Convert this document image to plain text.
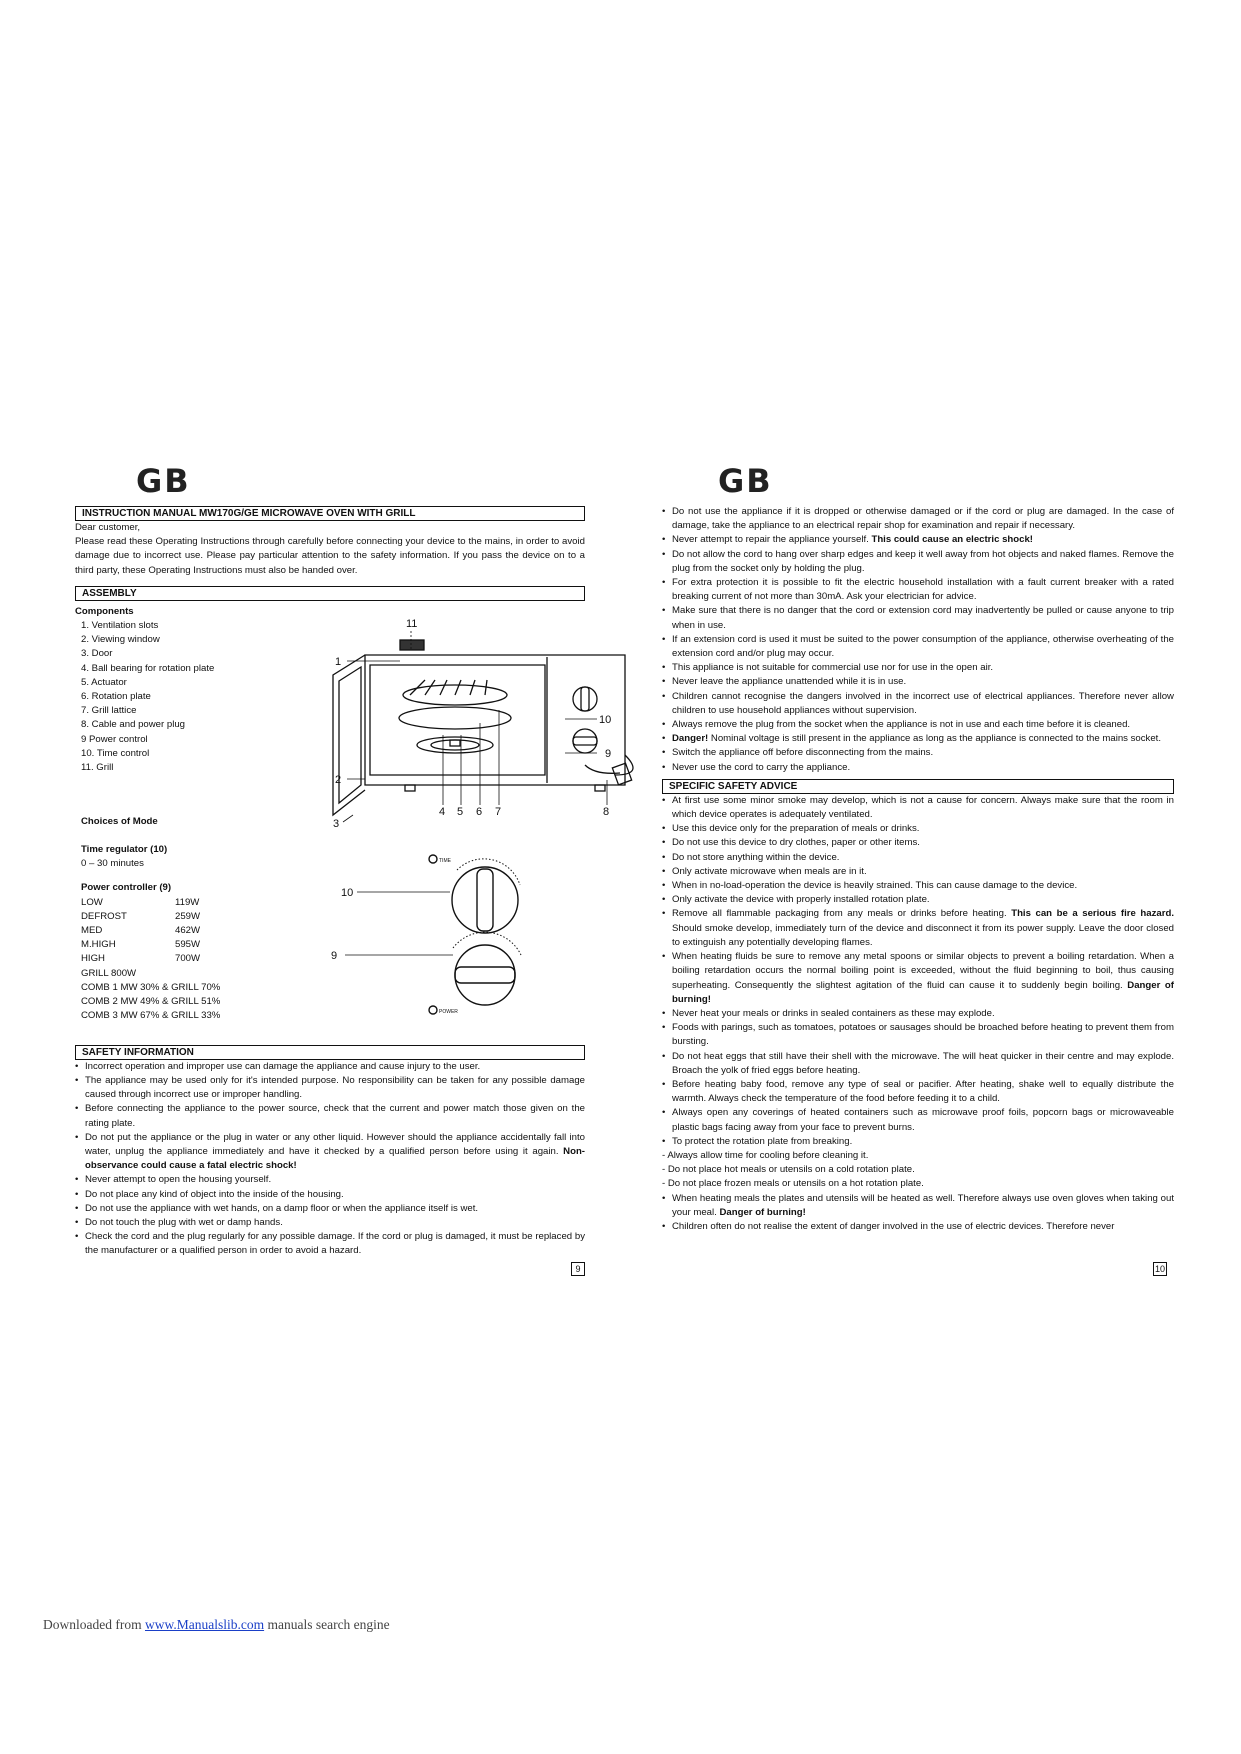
GB	GB
INSTRUCTION MANUAL MW170G/GE MICROWAVE OVEN WITH GRILL
Dear customer,
Please read these Operating Instructions through carefully before connecting your device to the mains, in order to avoid damage due to incorrect use. Please pay particular attention to the safety information. If you pass the device on to a third party, these Operating Instructions must also be handed over.
ASSEMBLY
Components
1. Ventilation slots
2. Viewing window
3. Door
4. Ball bearing for rotation plate
5. Actuator
6. Rotation plate
7. Grill lattice
8. Cable and power plug
9 Power control
10. Time control
11. Grill
11
1
10
9
2
3
4 5 6 7	8
Choices of Mode
Time regulator (10)
0 – 30 minutes
Power controller (9)
LOW	119W
DEFROST	259W
MED	462W
M.HIGH	595W
HIGH	700W
GRILL 800W
COMB 1 MW 30% & GRILL 70%
COMB 2 MW 49% & GRILL 51%
COMB 3 MW 67% & GRILL 33%
10
9
TIME
POWER
SAFETY INFORMATION
• Incorrect operation and improper use can damage the appliance and cause injury to the user.
• The appliance may be used only for it's intended purpose. No responsibility can be taken for any possible damage caused through incorrect use or improper handling.
• Before connecting the appliance to the power source, check that the current and power match those given on the rating plate.
• Do not put the appliance or the plug in water or any other liquid. However should the appliance accidentally fall into water, unplug the appliance immediately and have it checked by a qualified person before using it again. Non-observance could cause a fatal electric shock!
• Never attempt to open the housing yourself.
• Do not place any kind of object into the inside of the housing.
• Do not use the appliance with wet hands, on a damp floor or when the appliance itself is wet.
• Do not touch the plug with wet or damp hands.
• Check the cord and the plug regularly for any possible damage. If the cord or plug is damaged, it must be replaced by the manufacturer or a qualified person in order to avoid a hazard.
9
• Do not use the appliance if it is dropped or otherwise damaged or if the cord or plug are damaged. In the case of damage, take the appliance to an electrical repair shop for examination and repair if necessary.
• Never attempt to repair the appliance yourself. This could cause an electric shock!
• Do not allow the cord to hang over sharp edges and keep it well away from hot objects and naked flames. Remove the plug from the socket only by holding the plug.
• For extra protection it is possible to fit the electric household installation with a fault current breaker with a rated breaking current of not more than 30mA. Ask your electrician for advice.
• Make sure that there is no danger that the cord or extension cord may inadvertently be pulled or cause anyone to trip when in use.
• If an extension cord is used it must be suited to the power consumption of the appliance, otherwise overheating of the extension cord and/or plug may occur.
• This appliance is not suitable for commercial use nor for use in the open air.
• Never leave the appliance unattended while it is in use.
• Children cannot recognise the dangers involved in the incorrect use of electrical appliances. Therefore never allow children to use household appliances without supervision.
• Always remove the plug from the socket when the appliance is not in use and each time before it is cleaned.
• Danger! Nominal voltage is still present in the appliance as long as the appliance is connected to the mains socket.
• Switch the appliance off before disconnecting from the mains.
• Never use the cord to carry the appliance.
SPECIFIC SAFETY ADVICE
• At first use some minor smoke may develop, which is not a cause for concern. Always make sure that the room in which device operates is adequately ventilated.
• Use this device only for the preparation of meals or drinks.
• Do not use this device to dry clothes, paper or other items.
• Do not store anything within the device.
• Only activate microwave when meals are in it.
• When in no-load-operation the device is heavily strained. This can cause damage to the device.
• Only activate the device with properly installed rotation plate.
• Remove all flammable packaging from any meals or drinks before heating. This can be a serious fire hazard. Should smoke develop, immediately turn of the device and disconnect it from its power supply. Leave the door closed to extinguish any potentially developing flames.
• When heating fluids be sure to remove any metal spoons or similar objects to prevent a boiling retardation. When a boiling retardation occurs the normal boiling point is exceeded, without the fluid beginning to boil, thus causing superheating. Consequently the slightest agitation of the fluid can cause it to suddenly begin boiling. Danger of burning!
• Never heat your meals or drinks in sealed containers as these may explode.
• Foods with parings, such as tomatoes, potatoes or sausages should be broached before heating to prevent them from bursting.
• Do not heat eggs that still have their shell with the microwave. The will heat quicker in their centre and may explode. Broach the yolk of fried eggs before heating.
• Before heating baby food, remove any type of seal or pacifier. After heating, shake well to equally distribute the warmth. Always check the temperature of the food before feeding it to a child.
• Always open any coverings of heated containers such as microwave proof foils, popcorn bags or microwaveable plastic bags facing away from your face to prevent burns.
• To protect the rotation plate from breaking.
- Always allow time for cooling before cleaning it.
- Do not place hot meals or utensils on a cold rotation plate.
- Do not place frozen meals or utensils on a hot rotation plate.
• When heating meals the plates and utensils will be heated as well. Therefore always use oven gloves when taking out your meal. Danger of burning!
• Children often do not realise the extent of danger involved in the use of electric devices. Therefore never
10
Downloaded from www.Manualslib.com manuals search engine
